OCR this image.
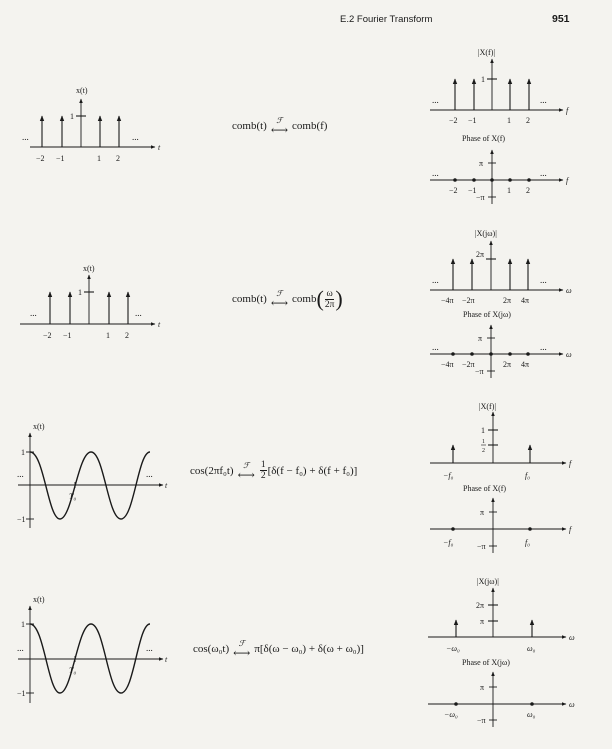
E.2 Fourier Transform	951
x(t)
1
t
...	...
−2 −1	1 2
|X(f)|
1
f
...	...
−2 −1	1 2
Phase of X(f)
π
−π
f
...	...
−2 −1	1 2
x(t)
1
t
...	...
−2 −1	1 2
|X(jω)|
2π
ω
...	...
−4π −2π	2π 4π
Phase of X(jω)
π
−π
ω
...	...
−4π −2π	2π 4π
x(t)
1
−1
t
T₀
...	...
|X(f)|
1
1
2
f
−f₀	f₀
Phase of X(f)
π
−π
f
−f₀	f₀
x(t)
1
−1
t
T₀
...	...
|X(jω)|
2π
π
ω
−ω₀	ω₀
Phase of X(jω)
π
−π
ω
−ω₀	ω₀
comb(t) ℱ
⟷ comb(f)
comb(t) ℱ
⟷ comb ( $\frac{\omega}{2\pi}$ )
cos(2πf₀t) ℱ
⟷ $\frac{1}{2} [\delta(f - f_0) + \delta(f + f_0)]$
cos(ω₀t) ℱ
⟷ π[δ(ω − ω₀) + δ(ω + ω₀)]
